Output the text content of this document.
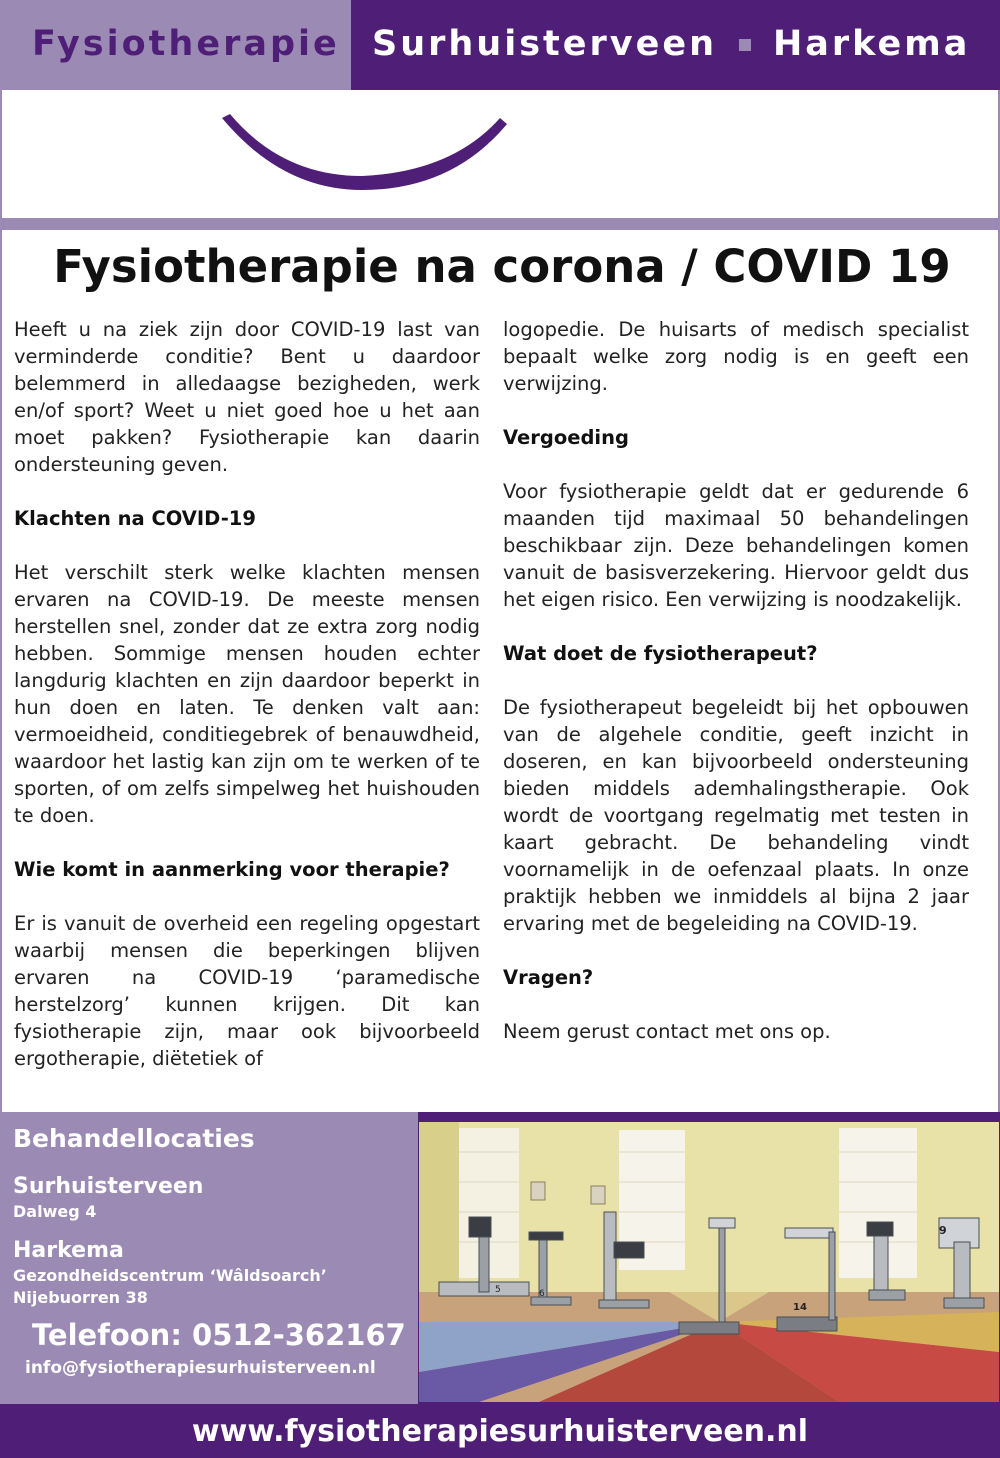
Fysiotherapie Surhuisterveen Harkema
Fysiotherapie na corona / COVID 19

Heeft u na ziek zijn door COVID-19 last van verminderde conditie? Bent u daardoor belemmerd in alledaagse bezigheden, werk en/of sport? Weet u niet goed hoe u het aan moet pakken? Fysiotherapie kan daarin ondersteuning geven.

Klachten na COVID-19

Het verschilt sterk welke klachten mensen ervaren na COVID-19. De meeste mensen herstellen snel, zonder dat ze extra zorg nodig hebben. Sommige mensen houden echter langdurig klachten en zijn daardoor beperkt in hun doen en laten. Te denken valt aan: vermoeidheid, conditiegebrek of benauwdheid, waardoor het lastig kan zijn om te werken of te sporten, of om zelfs simpelweg het huishouden te doen.

Wie komt in aanmerking voor therapie?

Er is vanuit de overheid een regeling opgestart waarbij mensen die beperkingen blijven ervaren na COVID-19 ‘paramedische herstelzorg’ kunnen krijgen. Dit kan fysiotherapie zijn, maar ook bijvoorbeeld ergotherapie, diëtetiek of

logopedie. De huisarts of medisch specialist bepaalt welke zorg nodig is en geeft een verwijzing.

Vergoeding

Voor fysiotherapie geldt dat er gedurende 6 maanden tijd maximaal 50 behandelingen beschikbaar zijn. Deze behandelingen komen vanuit de basisverzekering. Hiervoor geldt dus het eigen risico. Een verwijzing is noodzakelijk.

Wat doet de fysiotherapeut?

De fysiotherapeut begeleidt bij het opbouwen van de algehele conditie, geeft inzicht in doseren, en kan bijvoorbeeld ondersteuning bieden middels ademhalingstherapie. Ook wordt de voortgang regelmatig met testen in kaart gebracht. De behandeling vindt voornamelijk in de oefenzaal plaats. In onze praktijk hebben we inmiddels al bijna 2 jaar ervaring met de begeleiding na COVID-19.

Vragen?

Neem gerust contact met ons op.

Behandellocaties
Surhuisterveen
Dalweg 4
Harkema
Gezondheidscentrum ‘Wâldsoarch’
Nijebuorren 38
Telefoon: 0512-362167
info@fysiotherapiesurhuisterveen.nl
5	6
14
9
www.fysiotherapiesurhuisterveen.nl
